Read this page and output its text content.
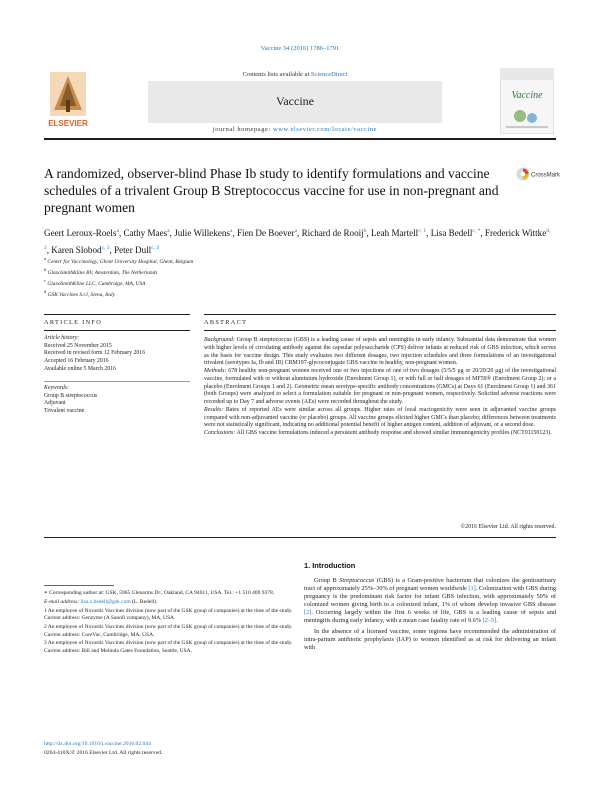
Vaccine 34 (2016) 1786–1791
ELSEVIER
Contents lists available at ScienceDirect
Vaccine
journal homepage: www.elsevier.com/locate/vaccine
Vaccine
A randomized, observer-blind Phase Ib study to identify formulations and vaccine schedules of a trivalent Group B Streptococcus vaccine for use in non-pregnant and pregnant women
CrossMark
Geert Leroux-Roels$^a$, Cathy Maes$^a$, Julie Willekens$^a$, Fien De Boever$^a$, Richard de Rooij$^b$, Leah Martell$^{c, 1}$, Lisa Bedell$^{c, *}$, Frederick Wittke$^{d, 2}$, Karen Slobod$^{c, 3}$, Peter Dull$^{c, 4}$
$^a$ Center for Vaccinology, Ghent University Hospital, Ghent, Belgium
$^b$ GlaxoSmithKline BV, Amsterdam, The Netherlands
$^c$ GlaxoSmithKline LLC, Cambridge, MA, USA
$^d$ GSK Vaccines S.r.l, Siena, Italy
ARTICLE INFO
Article history:
Received 25 November 2015
Received in revised form 12 February 2016
Accepted 16 February 2016
Available online 5 March 2016
Keywords:
Group B streptococcus
Adjuvant
Trivalent vaccine
ABSTRACT

Background: Group B streptococcus (GBS) is a leading cause of sepsis and meningitis in early infancy. Substantial data demonstrate that women with higher levels of circulating antibody against the capsular polysaccharide (CPS) deliver infants at reduced risk of GBS infection, which serves as the basis for vaccine design. This study evaluates two different dosages, two injection schedules and three formulations of an investigational trivalent (serotypes Ia, Ib and III) CRM197-glycoconjugate GBS vaccine in healthy, non-pregnant women.

Methods: 678 healthy non-pregnant women received one or two injections of one of two dosages (5/5/5 μg or 20/20/20 μg) of the investigational vaccine, formulated with or without aluminium hydroxide (Enrolment Group 1), or with full or half dosages of MF59® (Enrolment Group 2); or a placebo (Enrolment Groups 1 and 2). Geometric mean serotype-specific antibody concentrations (GMCs) at Days 61 (Enrolment Group 1) and 361 (both Groups) were analyzed to select a formulation suitable for pregnant or non-pregnant women, respectively. Solicited adverse reactions were recorded up to Day 7 and adverse events (AEs) were recorded throughout the study.

Results: Rates of reported AEs were similar across all groups. Higher rates of local reactogenicity were seen in adjuvanted vaccine groups compared with non-adjuvanted vaccine (or placebo) groups. All vaccine groups elicited higher GMCs than placebo; differences between treatments were not statistically significant, indicating no additional potential benefit of higher antigen content, addition of adjuvant, or a second dose.

Conclusions: All GBS vaccine formulations induced a persistent antibody response and showed similar immunogenicity profiles (NCT01150123).

©2016 Elsevier Ltd. All rights reserved.
1. Introduction

Group B Streptococcus (GBS) is a Gram-positive bacterium that colonizes the genitourinary tract of approximately 25%–30% of pregnant women worldwide [1]. Colonization with GBS during pregnancy is the predominant risk factor for infant GBS infection, with approximately 50% of colonized women giving birth to a colonized infant, 1% of whom develop invasive GBS disease [2]. Occurring largely within the first 6 weeks of life, GBS is a leading cause of sepsis and meningitis during early infancy, with a mean case fatality rate of 9.6% [2–5].

In the absence of a licensed vaccine, some regions have recommended the administration of intra-partum antibiotic prophylaxis (IAP) to women identified as at risk for delivering an infant with

∗ Corresponding author at: GSK, 5965 Glenarms Dr., Oakland, CA 94611, USA. Tel.: +1 510 409 9378.

E-mail address: lisa.x.bedell@gsk.com (L. Bedell).

1 An employee of Novartis Vaccines division (now part of the GSK group of companies) at the time of the study. Current address: Genzyme (A Sanofi company), MA, USA.

2 An employee of Novartis Vaccines division (now part of the GSK group of companies) at the time of the study. Current address: CureVac, Cambridge, MA, USA.

3 An employee of Novartis Vaccines division (now part of the GSK group of companies) at the time of the study. Current address: Bill and Melinda Gates Foundation, Seattle, USA.

http://dx.doi.org/10.1016/j.vaccine.2016.02.044
0264-410X/© 2016 Elsevier Ltd. All rights reserved.
